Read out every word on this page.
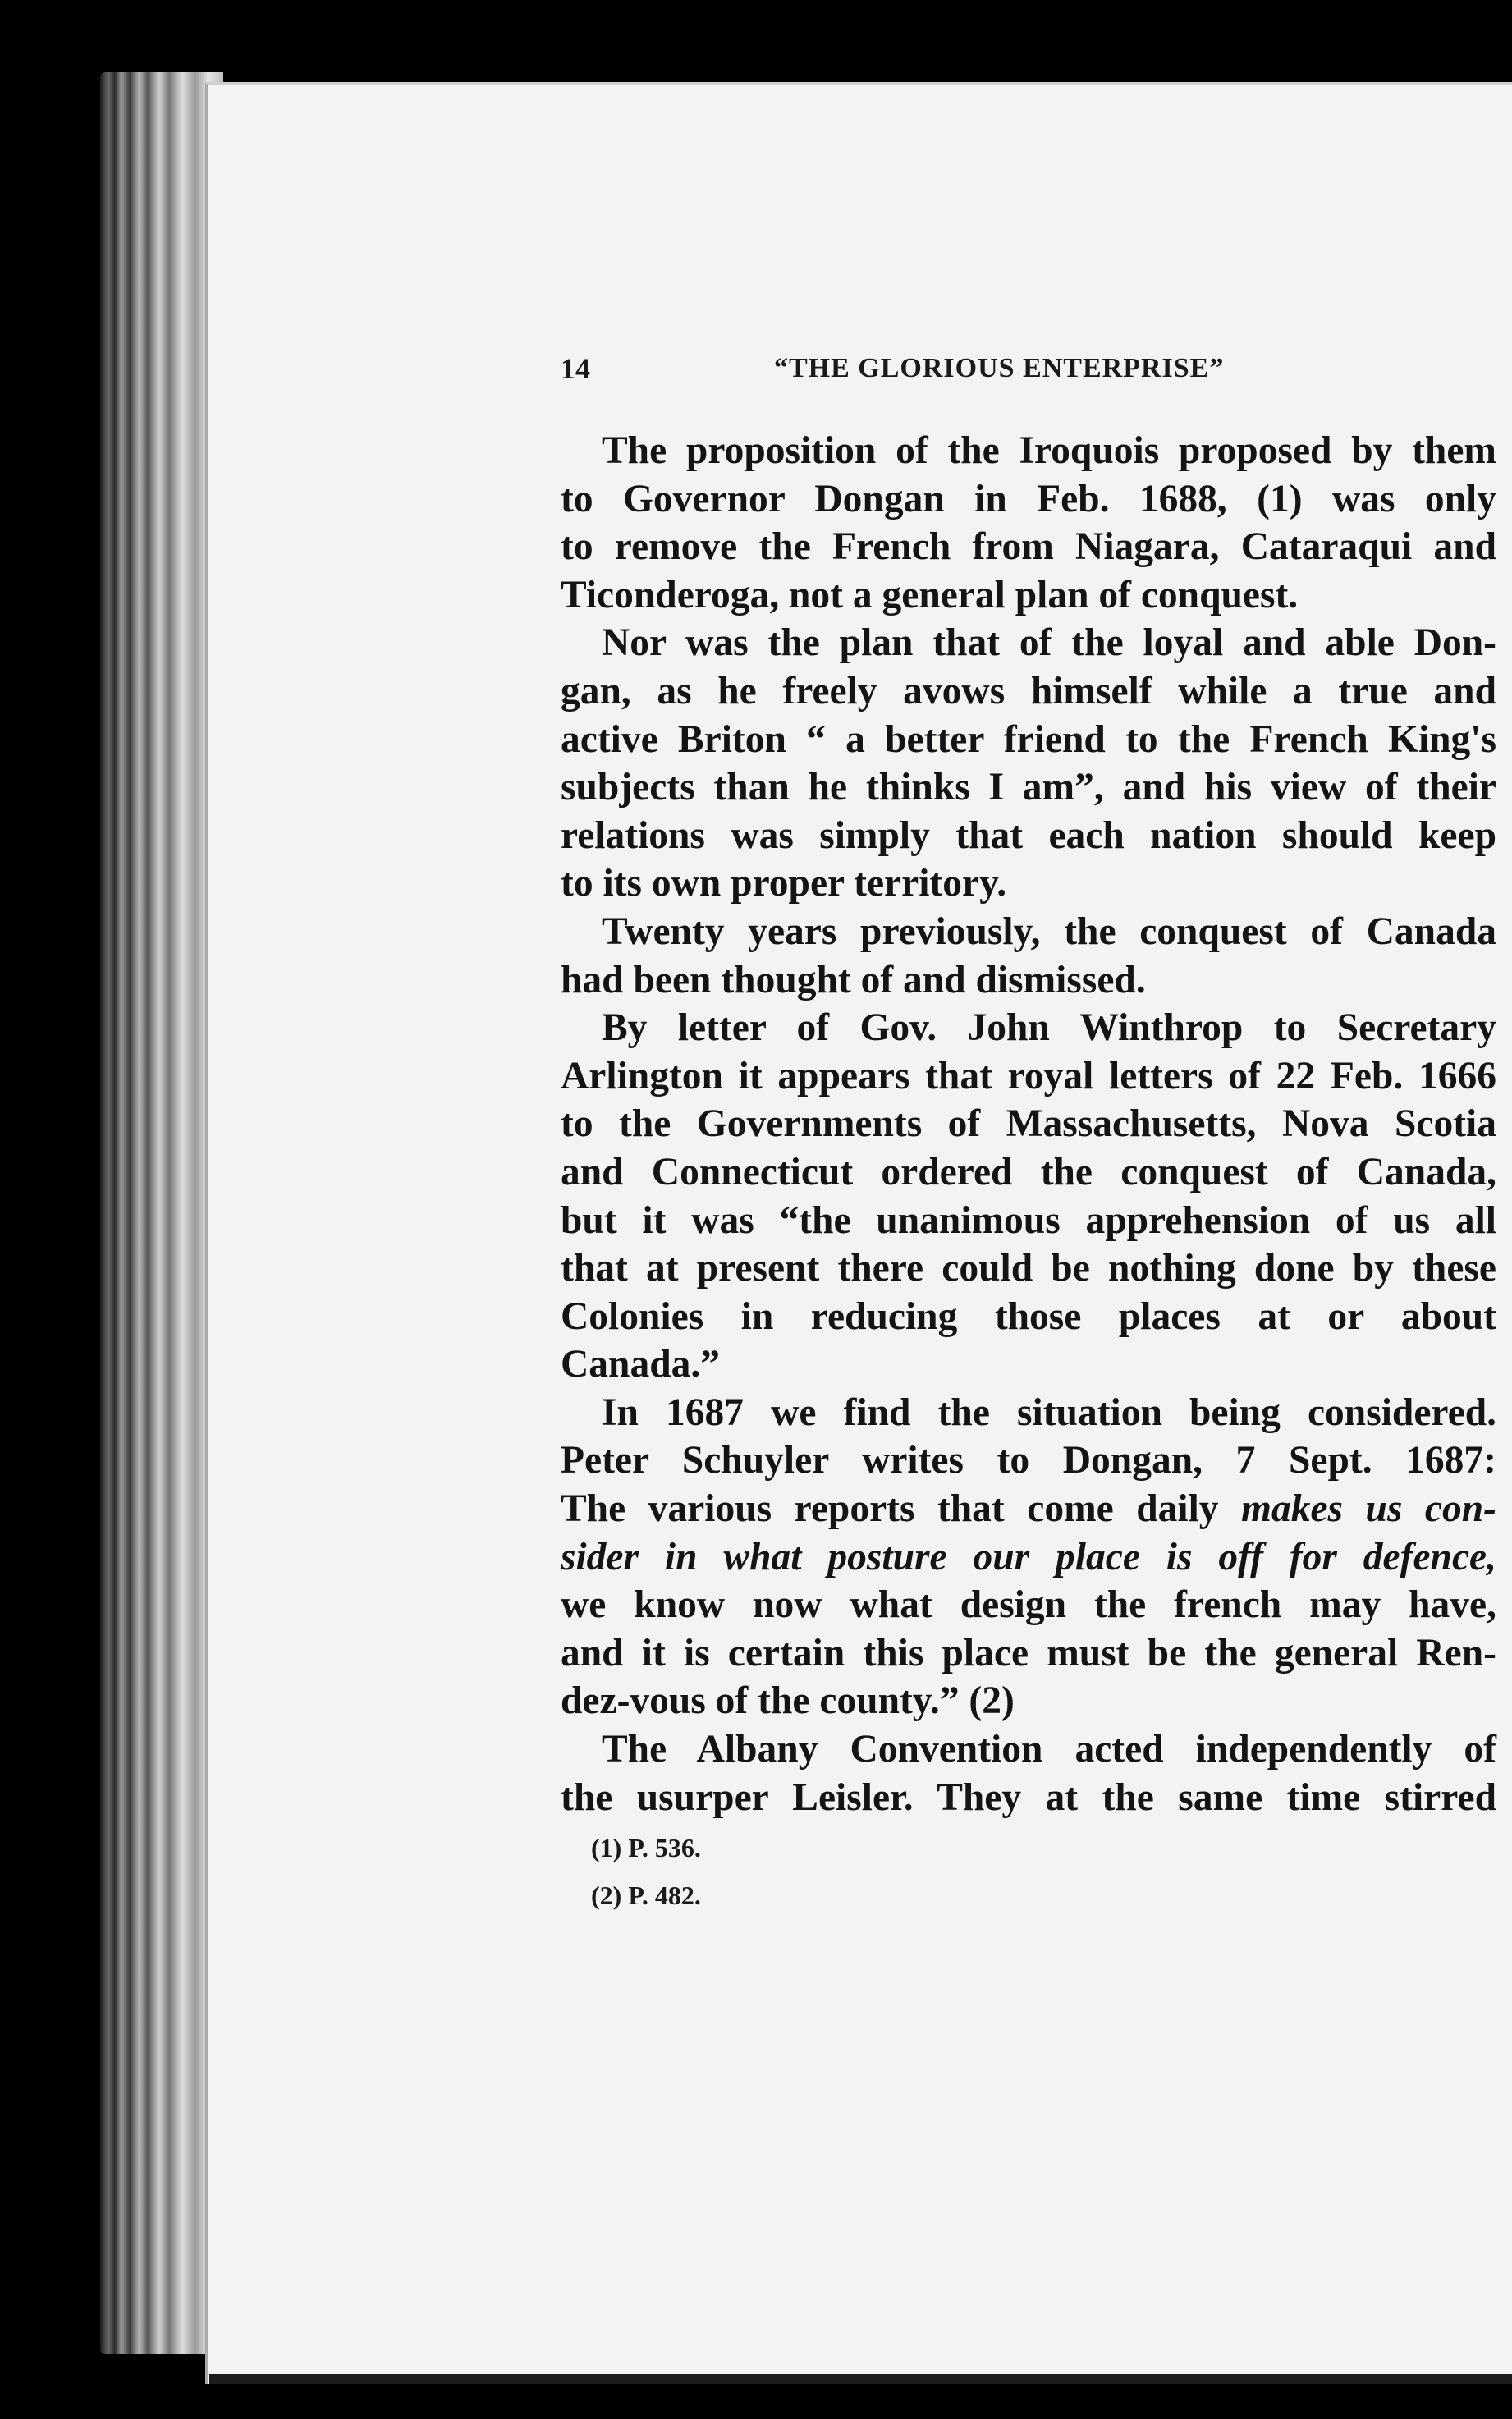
14	“THE GLORIOUS ENTERPRISE”
The proposition of the Iroquois proposed by them
to Governor Dongan in Feb. 1688, (1) was only
to remove the French from Niagara, Cataraqui and
Ticonderoga, not a general plan of conquest.
Nor was the plan that of the loyal and able Don-
gan, as he freely avows himself while a true and
active Briton “ a better friend to the French King's
subjects than he thinks I am”, and his view of their
relations was simply that each nation should keep
to its own proper territory.
Twenty years previously, the conquest of Canada
had been thought of and dismissed.
By letter of Gov. John Winthrop to Secretary
Arlington it appears that royal letters of 22 Feb. 1666
to the Governments of Massachusetts, Nova Scotia
and Connecticut ordered the conquest of Canada,
but it was “the unanimous apprehension of us all
that at present there could be nothing done by these
Colonies in reducing those places at or about
Canada.”
In 1687 we find the situation being considered.
Peter Schuyler writes to Dongan, 7 Sept. 1687:
The various reports that come daily makes us con-
sider in what posture our place is off for defence,
we know now what design the french may have,
and it is certain this place must be the general Ren-
dez-vous of the county.” (2)
The Albany Convention acted independently of
the usurper Leisler. They at the same time stirred
(1) P. 536.
(2) P. 482.
